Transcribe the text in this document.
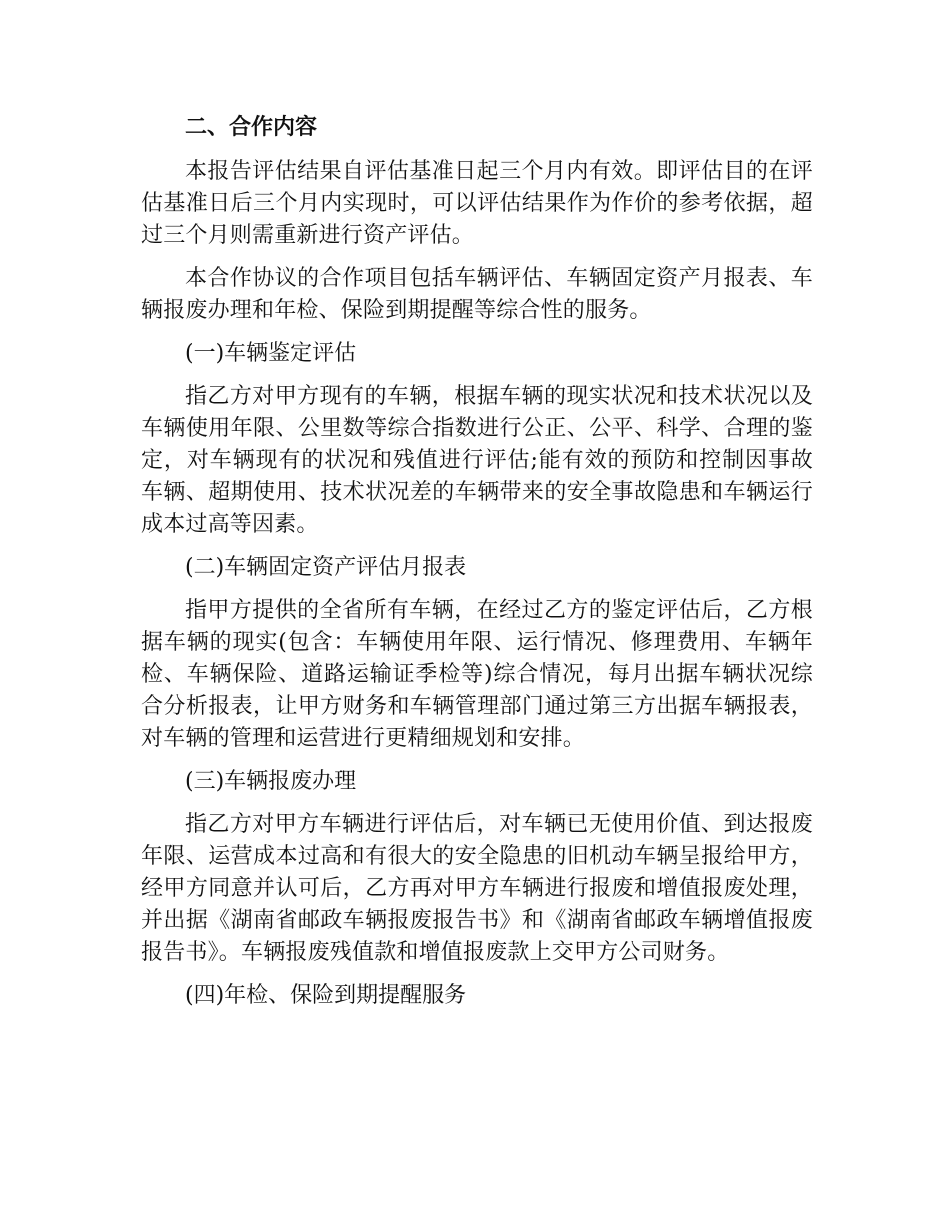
二、合作内容

本报告评估结果自评估基准日起三个月内有效。即评估目的在评估基准日后三个月内实现时，可以评估结果作为作价的参考依据，超过三个月则需重新进行资产评估。

本合作协议的合作项目包括车辆评估、车辆固定资产月报表、车辆报废办理和年检、保险到期提醒等综合性的服务。

(一)车辆鉴定评估

指乙方对甲方现有的车辆，根据车辆的现实状况和技术状况以及车辆使用年限、公里数等综合指数进行公正、公平、科学、合理的鉴定，对车辆现有的状况和残值进行评估;能有效的预防和控制因事故车辆、超期使用、技术状况差的车辆带来的安全事故隐患和车辆运行成本过高等因素。

(二)车辆固定资产评估月报表

指甲方提供的全省所有车辆，在经过乙方的鉴定评估后，乙方根据车辆的现实(包含：车辆使用年限、运行情况、修理费用、车辆年检、车辆保险、道路运输证季检等)综合情况，每月出据车辆状况综合分析报表，让甲方财务和车辆管理部门通过第三方出据车辆报表，对车辆的管理和运营进行更精细规划和安排。

(三)车辆报废办理

指乙方对甲方车辆进行评估后，对车辆已无使用价值、到达报废年限、运营成本过高和有很大的安全隐患的旧机动车辆呈报给甲方，经甲方同意并认可后，乙方再对甲方车辆进行报废和增值报废处理，并出据《湖南省邮政车辆报废报告书》和《湖南省邮政车辆增值报废报告书》。车辆报废残值款和增值报废款上交甲方公司财务。

(四)年检、保险到期提醒服务
